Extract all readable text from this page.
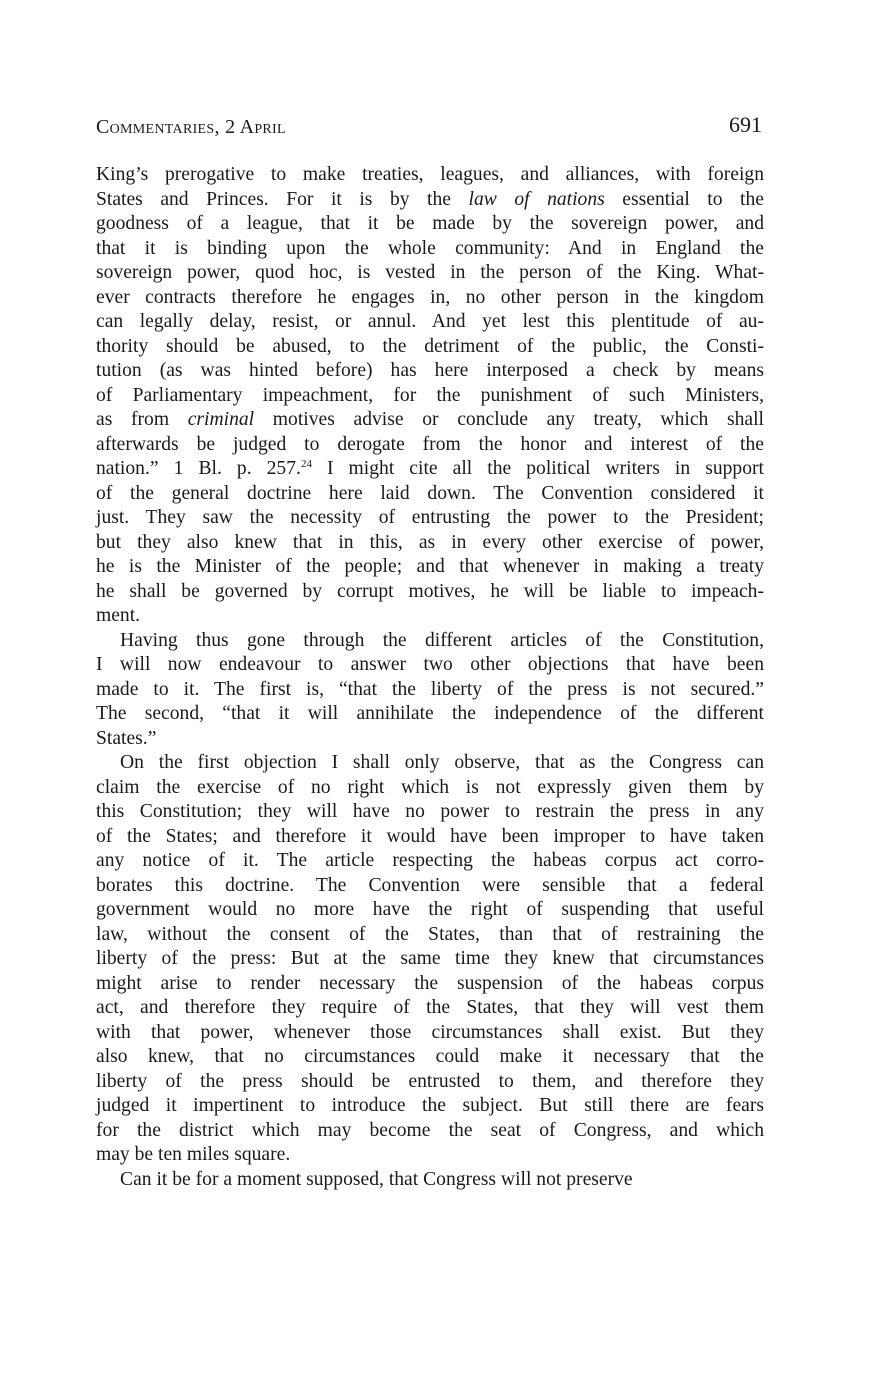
Commentaries, 2 April	691
King’s prerogative to make treaties, leagues, and alliances, with foreign
States and Princes. For it is by the law of nations essential to the
goodness of a league, that it be made by the sovereign power, and
that it is binding upon the whole community: And in England the
sovereign power, quod hoc, is vested in the person of the King. What-
ever contracts therefore he engages in, no other person in the kingdom
can legally delay, resist, or annul. And yet lest this plentitude of au-
thority should be abused, to the detriment of the public, the Consti-
tution (as was hinted before) has here interposed a check by means
of Parliamentary impeachment, for the punishment of such Ministers,
as from criminal motives advise or conclude any treaty, which shall
afterwards be judged to derogate from the honor and interest of the
nation.” 1 Bl. p. 257.24 I might cite all the political writers in support
of the general doctrine here laid down. The Convention considered it
just. They saw the necessity of entrusting the power to the President;
but they also knew that in this, as in every other exercise of power,
he is the Minister of the people; and that whenever in making a treaty
he shall be governed by corrupt motives, he will be liable to impeach-
ment.
Having thus gone through the different articles of the Constitution,
I will now endeavour to answer two other objections that have been
made to it. The first is, “that the liberty of the press is not secured.”
The second, “that it will annihilate the independence of the different
States.”
On the first objection I shall only observe, that as the Congress can
claim the exercise of no right which is not expressly given them by
this Constitution; they will have no power to restrain the press in any
of the States; and therefore it would have been improper to have taken
any notice of it. The article respecting the habeas corpus act corro-
borates this doctrine. The Convention were sensible that a federal
government would no more have the right of suspending that useful
law, without the consent of the States, than that of restraining the
liberty of the press: But at the same time they knew that circumstances
might arise to render necessary the suspension of the habeas corpus
act, and therefore they require of the States, that they will vest them
with that power, whenever those circumstances shall exist. But they
also knew, that no circumstances could make it necessary that the
liberty of the press should be entrusted to them, and therefore they
judged it impertinent to introduce the subject. But still there are fears
for the district which may become the seat of Congress, and which
may be ten miles square.
Can it be for a moment supposed, that Congress will not preserve
